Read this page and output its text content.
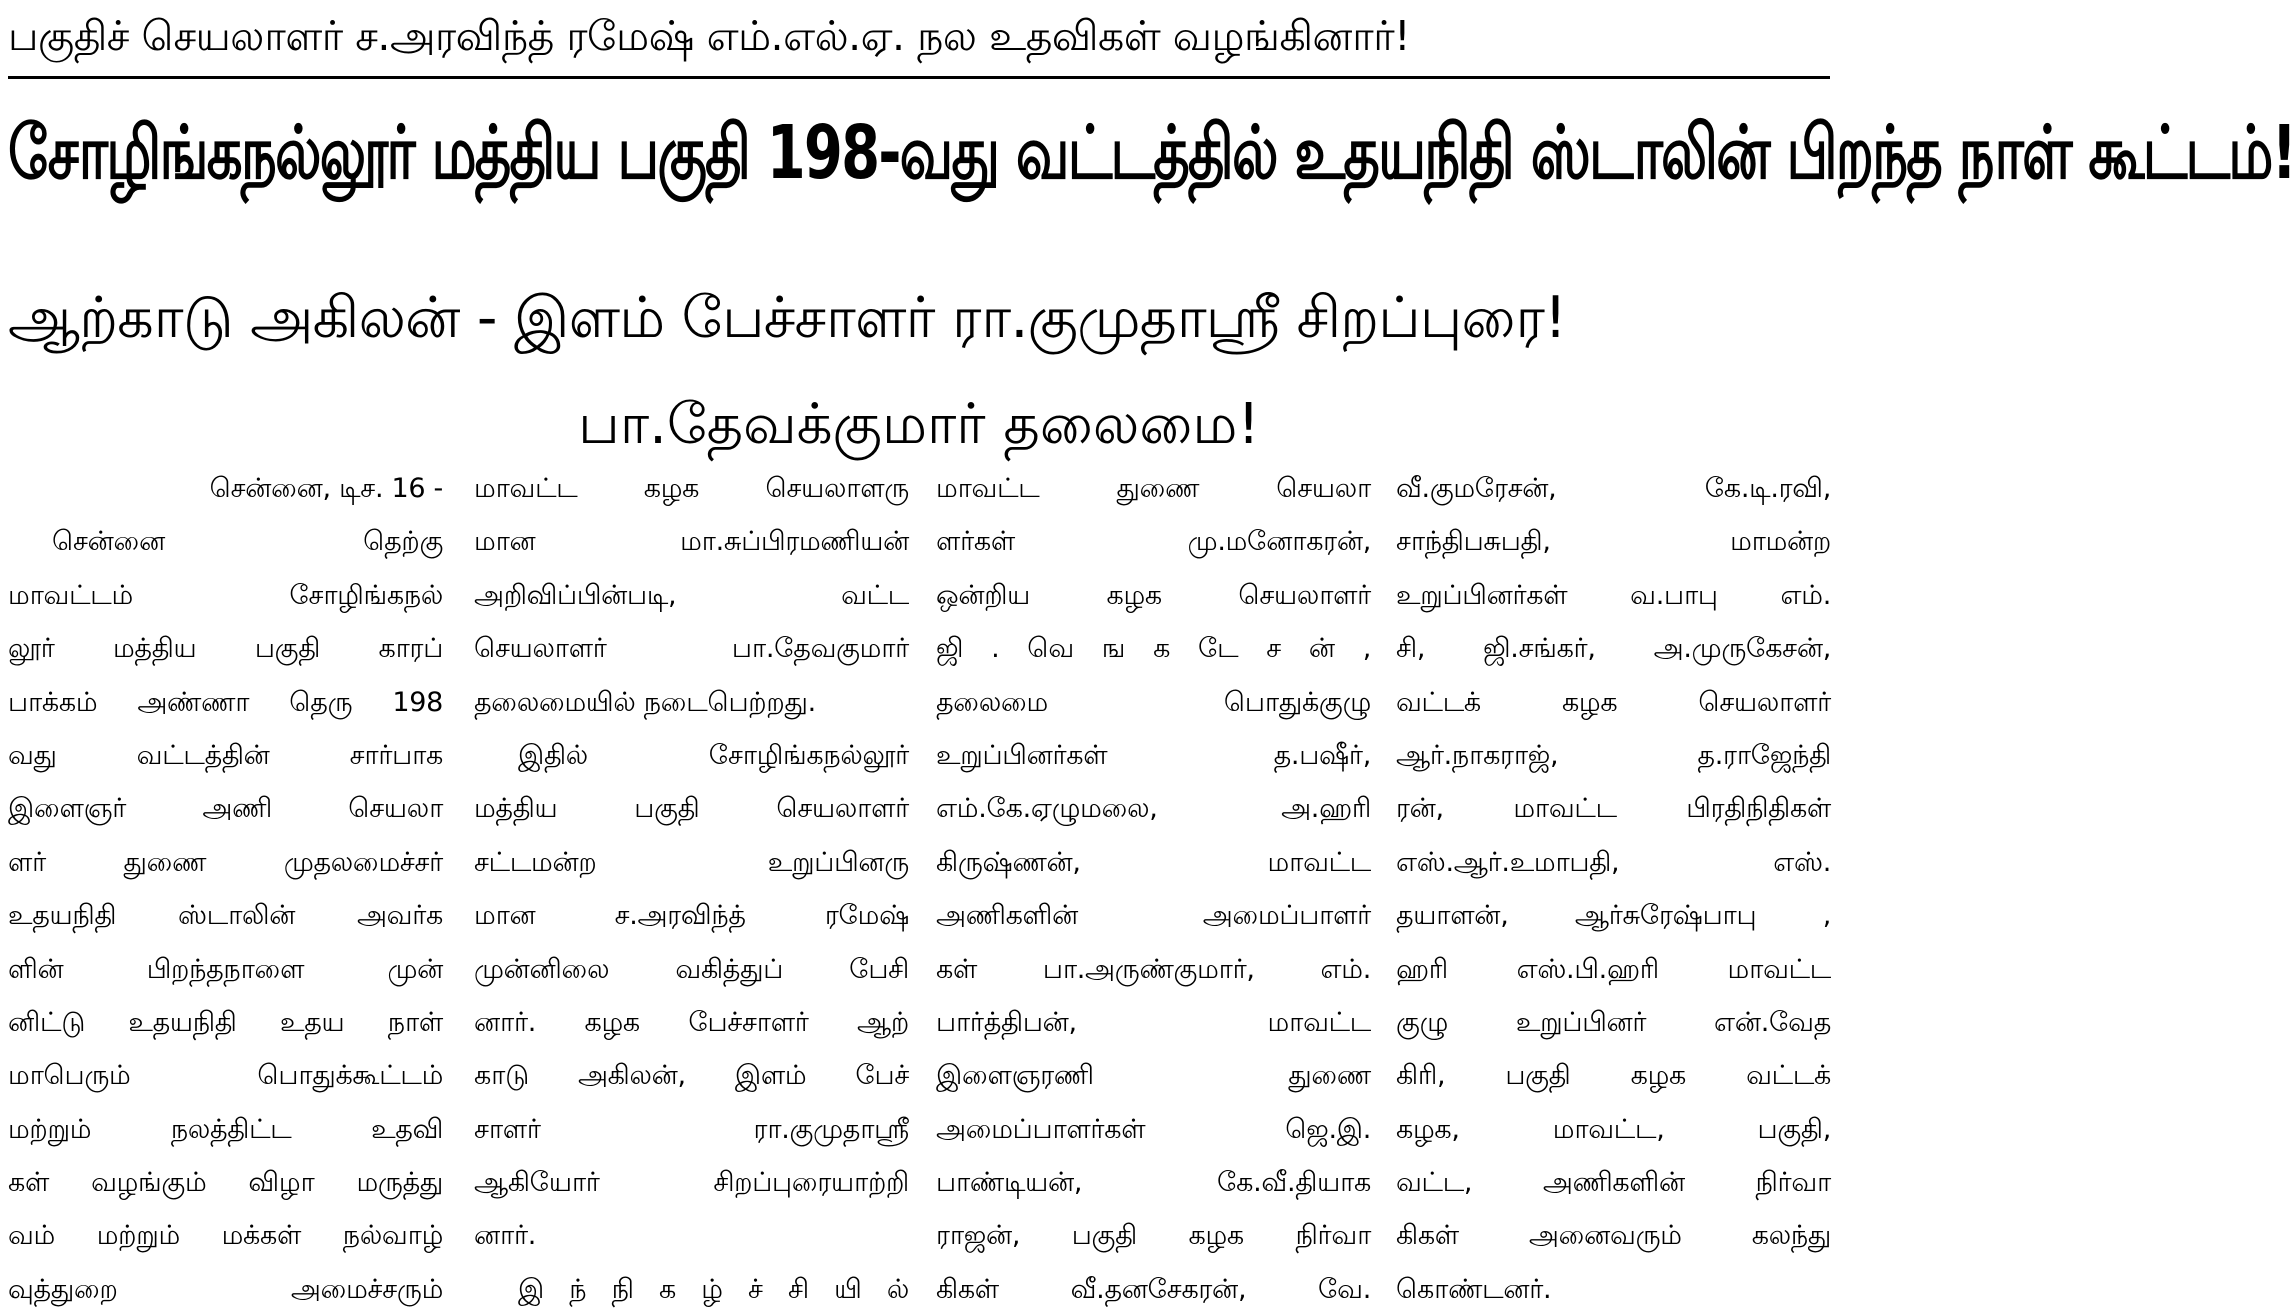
பகுதிச் செயலாளர் ச.அரவிந்த் ரமேஷ் எம்.எல்.ஏ. நல உதவிகள் வழங்கினார்!
சோழிங்கநல்லூர் மத்திய பகுதி 198-வது வட்டத்தில் உதயநிதி ஸ்டாலின் பிறந்த நாள் கூட்டம்!
ஆற்காடு அகிலன் - இளம் பேச்சாளர் ரா.குமுதாஸ்ரீ சிறப்புரை!
பா.தேவக்குமார் தலைமை!
சென்னை, டிச. 16 -
சென்னை தெற்கு
மாவட்டம் சோழிங்கநல்
லூர் மத்திய பகுதி காரப்
பாக்கம் அண்ணா தெரு 198
வது வட்டத்தின் சார்பாக
இளைஞர் அணி செயலா
ளர் துணை முதலமைச்சர்
உதயநிதி ஸ்டாலின் அவர்க
ளின் பிறந்தநாளை முன்
னிட்டு உதயநிதி உதய நாள்
மாபெரும் பொதுக்கூட்டம்
மற்றும் நலத்திட்ட உதவி
கள் வழங்கும் விழா மருத்து
வம் மற்றும் மக்கள் நல்வாழ்
வுத்துறை அமைச்சரும்
மாவட்ட கழக செயலாளரு
மான மா.சுப்பிரமணியன்
அறிவிப்பின்படி, வட்ட
செயலாளர் பா.தேவகுமார்
தலைமையில் நடைபெற்றது.
இதில் சோழிங்கநல்லூர்
மத்திய பகுதி செயலாளர்
சட்டமன்ற உறுப்பினரு
மான ச.அரவிந்த் ரமேஷ்
முன்னிலை வகித்துப் பேசி
னார். கழக பேச்சாளர் ஆற்
காடு அகிலன், இளம் பேச்
சாளர் ரா.குமுதாஸ்ரீ
ஆகியோர் சிறப்புரையாற்றி
னார்.
இ ந் நி க ழ் ச் சி யி ல்
மாவட்ட துணை செயலா
ளர்கள் மு.மனோகரன்,
ஒன்றிய கழக செயலாளர்
ஜி . வெ ங க டே ச ன் ,
தலைமை பொதுக்குழு
உறுப்பினர்கள் த.பஷீர்,
எம்.கே.ஏழுமலை, அ.ஹரி
கிருஷ்ணன், மாவட்ட
அணிகளின் அமைப்பாளர்
கள் பா.அருண்குமார், எம்.
பார்த்திபன், மாவட்ட
இளைஞரணி துணை
அமைப்பாளர்கள் ஜெ.இ.
பாண்டியன், கே.வீ.தியாக
ராஜன், பகுதி கழக நிர்வா
கிகள் வீ.தனசேகரன், வே.
வீ.குமரேசன், கே.டி.ரவி,
சாந்திபசுபதி, மாமன்ற
உறுப்பினர்கள் வ.பாபு எம்.
சி, ஜி.சங்கர், அ.முருகேசன்,
வட்டக் கழக செயலாளர்
ஆர்.நாகராஜ், த.ராஜேந்தி
ரன், மாவட்ட பிரதிநிதிகள்
எஸ்.ஆர்.உமாபதி, எஸ்.
தயாளன், ஆர்சுரேஷ்பாபு ,
ஹரி எஸ்.பி.ஹரி மாவட்ட
குழு உறுப்பினர் என்.வேத
கிரி, பகுதி கழக வட்டக்
கழக, மாவட்ட, பகுதி,
வட்ட, அணிகளின் நிர்வா
கிகள் அனைவரும் கலந்து
கொண்டனர்.
